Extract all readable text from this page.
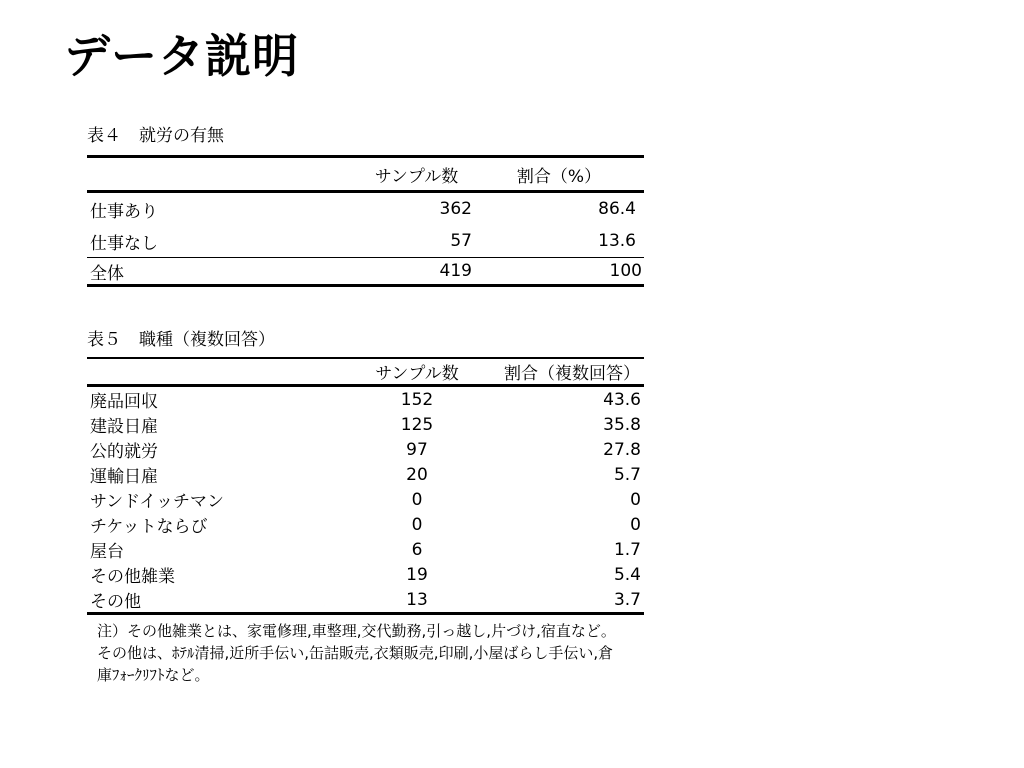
データ説明
表４ 就労の有無
	サンプル数	割合（%）
仕事あり	362	86.4
仕事なし	57	13.6
全体	419	100
表５ 職種（複数回答）
	サンプル数	割合（複数回答）
廃品回収	152	43.6
建設日雇	125	35.8
公的就労	97	27.8
運輸日雇	20	5.7
サンドイッチマン	0	0
チケットならび	0	0
屋台	6	1.7
その他雑業	19	5.4
その他	13	3.7

注）その他雑業とは、家電修理,車整理,交代勤務,引っ越し,片づけ,宿直など。その他は、ﾎﾃﾙ清掃,近所手伝い,缶詰販売,衣類販売,印刷,小屋ばらし手伝い,倉庫ﾌｫｰｸﾘﾌﾄなど。
